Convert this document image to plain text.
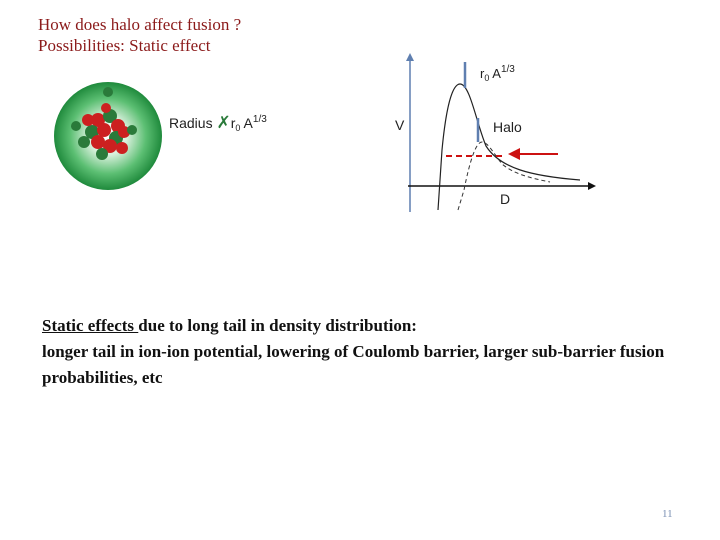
How does halo affect fusion ?
Possibilities: Static effect
Radius $✗r_0$ $A^{1/3}$
$r_0$ $A^{1/3}$
V	Halo
D
Static effects due to long tail in density distribution:
longer tail in ion-ion potential, lowering of Coulomb barrier, larger sub-barrier fusion probabilities, etc
11
